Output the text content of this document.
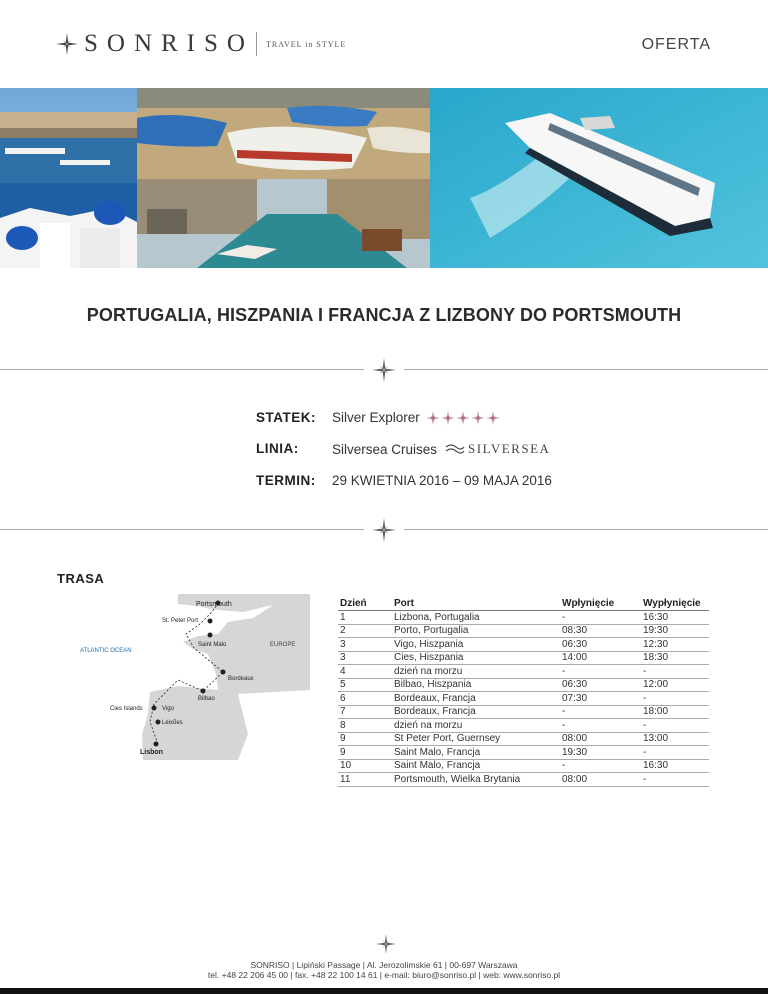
SONRISO TRAVEL in STYLE	OFERTA
PORTUGALIA, HISZPANIA I FRANCJA Z LIZBONY DO PORTSMOUTH
STATEK: Silver Explorer
LINIA: Silversea Cruises SILVERSEA
TERMIN: 29 KWIETNIA 2016 – 09 MAJA 2016
TRASA
Portsmouth
St. Peter Port
Saint Malo	EUROPE
ATLANTIC OCEAN
Bordeaux
Bilbao
Cies Islands	Vigo
Leixões
Lisbon
Dzień	Port	Wpłynięcie	Wypłynięcie
1	Lizbona, Portugalia	-	16:30
2	Porto, Portugalia	08:30	19:30
3	Vigo, Hiszpania	06:30	12:30
3	Cies, Hiszpania	14:00	18:30
4	dzień na morzu	-	-
5	Bilbao, Hiszpania	06:30	12:00
6	Bordeaux, Francja	07:30	-
7	Bordeaux, Francja	-	18:00
8	dzień na morzu	-	-
9	St Peter Port, Guernsey	08:00	13:00
9	Saint Malo, Francja	19:30	-
10	Saint Malo, Francja	-	16:30
11	Portsmouth, Wielka Brytania	08:00	-
SONRISO | Lipiński Passage | Al. Jerozolimskie 61 | 00-697 Warszawa
tel. +48 22 206 45 00 | fax. +48 22 100 14 61 | e-mail: biuro@sonriso.pl | web: www.sonriso.pl
